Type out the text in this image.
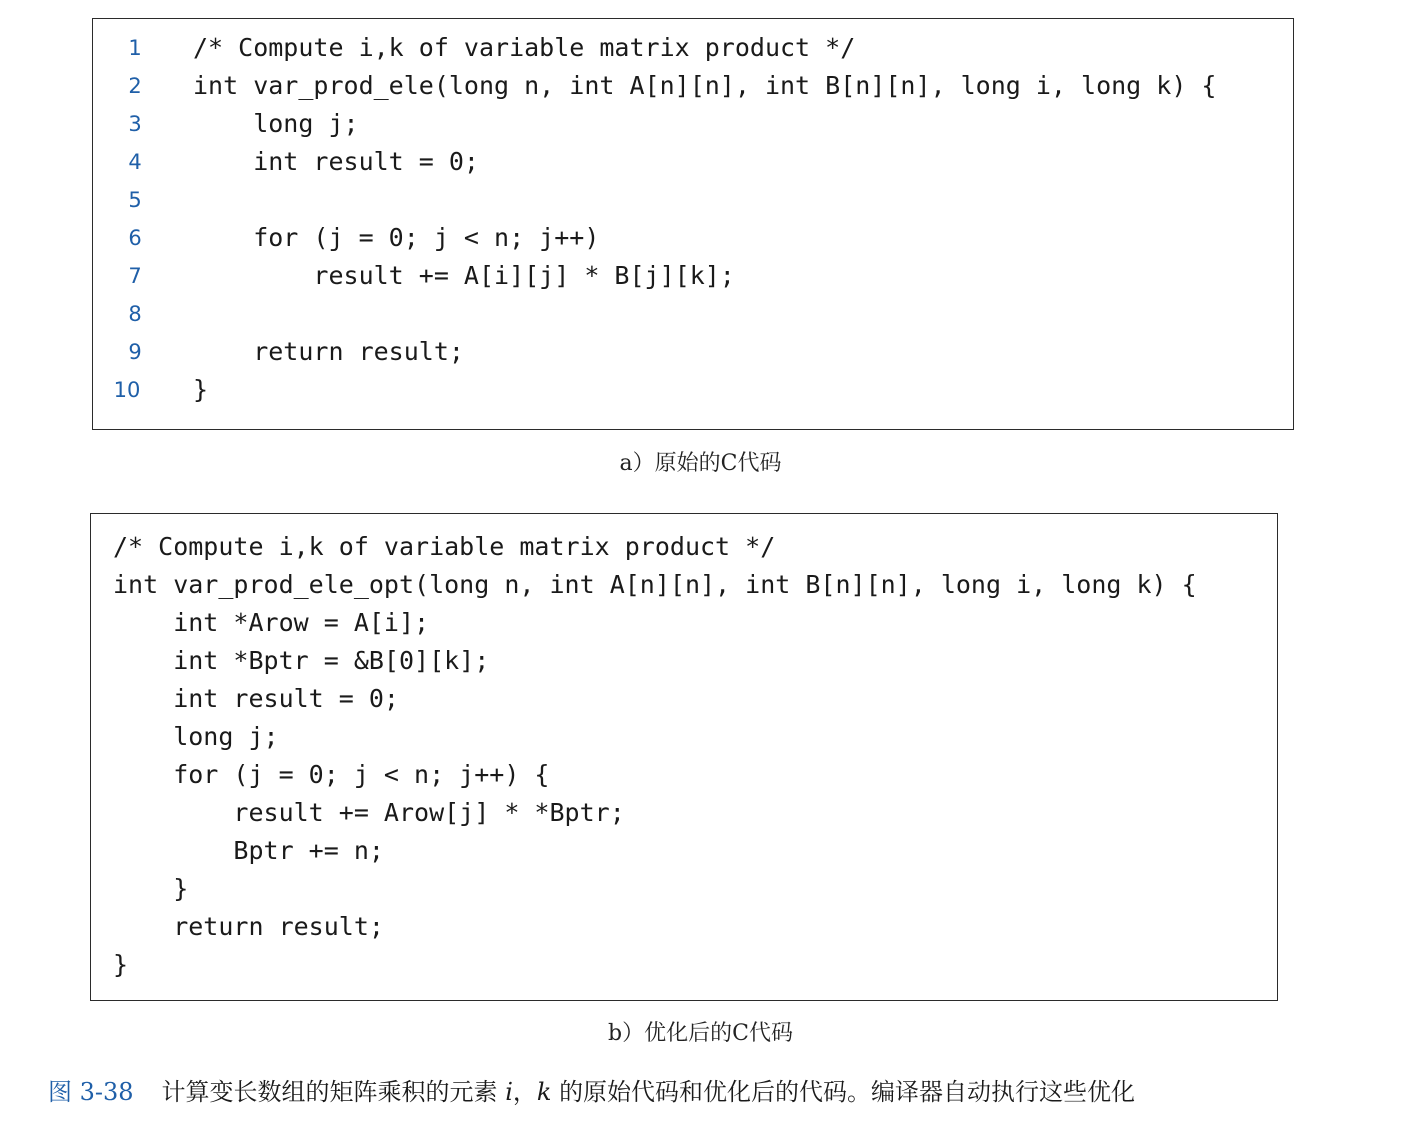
1	/* Compute i,k of variable matrix product */
2	int var_prod_ele(long n, int A[n][n], int B[n][n], long i, long k) {
3	long j;
4	int result = 0;
5
6	for (j = 0; j < n; j++)
7	result += A[i][j] * B[j][k];
8
9	return result;
10	}
a）原始的C代码
/* Compute i,k of variable matrix product */
int var_prod_ele_opt(long n, int A[n][n], int B[n][n], long i, long k) {
int *Arow = A[i];
int *Bptr = &B[0][k];
int result = 0;
long j;
for (j = 0; j < n; j++) {
result += Arow[j] * *Bptr;
Bptr += n;
}
return result;
}
b）优化后的C代码
图 3-38 计算变长数组的矩阵乘积的元素 i，k 的原始代码和优化后的代码。编译器自动执行这些优化
